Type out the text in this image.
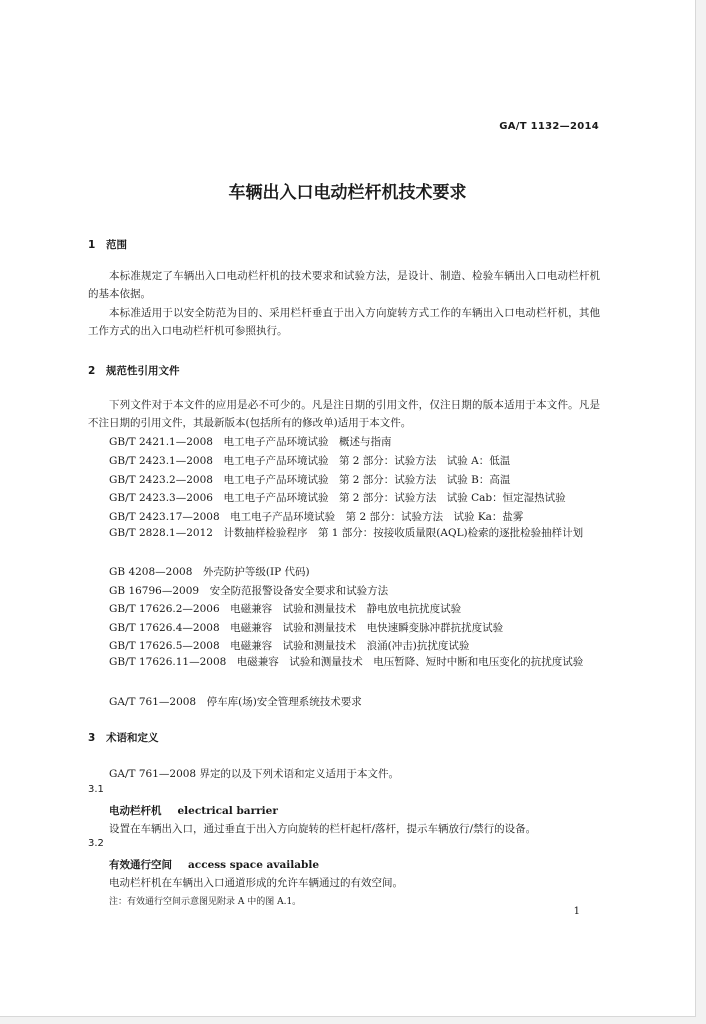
GA/T 1132—2014
车辆出入口电动栏杆机技术要求
1 范围
本标准规定了车辆出入口电动栏杆机的技术要求和试验方法，是设计、制造、检验车辆出入口电动栏杆机的基本依据。
本标准适用于以安全防范为目的、采用栏杆垂直于出入方向旋转方式工作的车辆出入口电动栏杆机，其他工作方式的出入口电动栏杆机可参照执行。
2 规范性引用文件
下列文件对于本文件的应用是必不可少的。凡是注日期的引用文件，仅注日期的版本适用于本文件。凡是不注日期的引用文件，其最新版本(包括所有的修改单)适用于本文件。
GB/T 2421.1—2008　电工电子产品环境试验　概述与指南
GB/T 2423.1—2008　电工电子产品环境试验　第 2 部分：试验方法　试验 A：低温
GB/T 2423.2—2008　电工电子产品环境试验　第 2 部分：试验方法　试验 B：高温
GB/T 2423.3—2006　电工电子产品环境试验　第 2 部分：试验方法　试验 Cab：恒定湿热试验
GB/T 2423.17—2008　电工电子产品环境试验　第 2 部分：试验方法　试验 Ka：盐雾
GB/T 2828.1—2012　计数抽样检验程序　第 1 部分：按接收质量限(AQL)检索的逐批检验抽样计划
GB 4208—2008　外壳防护等级(IP 代码)
GB 16796—2009　安全防范报警设备安全要求和试验方法
GB/T 17626.2—2006　电磁兼容　试验和测量技术　静电放电抗扰度试验
GB/T 17626.4—2008　电磁兼容　试验和测量技术　电快速瞬变脉冲群抗扰度试验
GB/T 17626.5—2008　电磁兼容　试验和测量技术　浪涌(冲击)抗扰度试验
GB/T 17626.11—2008　电磁兼容　试验和测量技术　电压暂降、短时中断和电压变化的抗扰度试验
GA/T 761—2008　停车库(场)安全管理系统技术要求
3 术语和定义
GA/T 761—2008 界定的以及下列术语和定义适用于本文件。
3.1
电动栏杆机 electrical barrier
设置在车辆出入口，通过垂直于出入方向旋转的栏杆起杆/落杆，提示车辆放行/禁行的设备。
3.2
有效通行空间 access space available
电动栏杆机在车辆出入口通道形成的允许车辆通过的有效空间。
注：有效通行空间示意图见附录 A 中的图 A.1。
1
